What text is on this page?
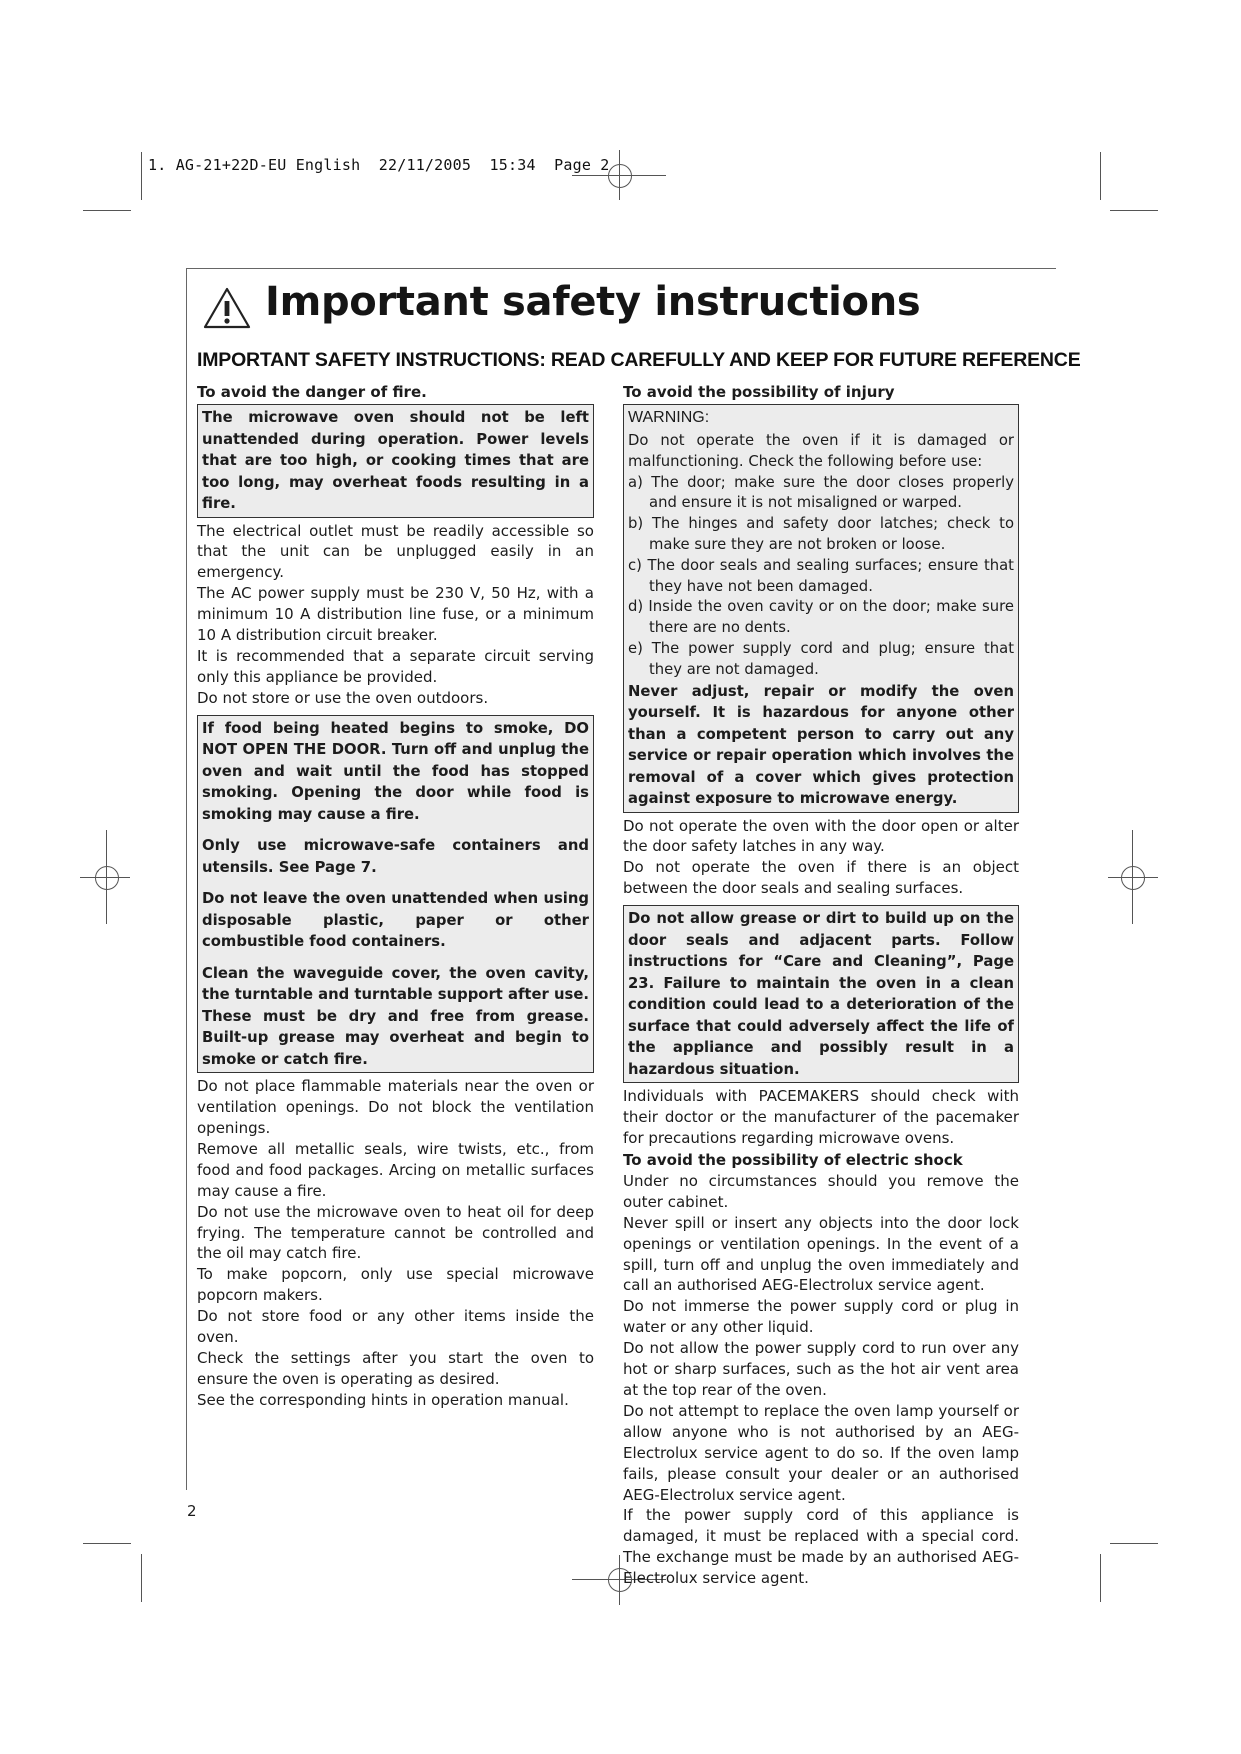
1. AG-21+22D-EU English  22/11/2005  15:34  Page 2
Important safety instructions
IMPORTANT SAFETY INSTRUCTIONS: READ CAREFULLY AND KEEP FOR FUTURE REFERENCE
To avoid the danger of fire.

The microwave oven should not be left unattended during operation. Power levels that are too high, or cooking times that are too long, may overheat foods resulting in a fire.

The electrical outlet must be readily accessible so that the unit can be unplugged easily in an emergency.

The AC power supply must be 230 V, 50 Hz, with a minimum 10 A distribution line fuse, or a minimum 10 A distribution circuit breaker.

It is recommended that a separate circuit serving only this appliance be provided.

Do not store or use the oven outdoors.

If food being heated begins to smoke, DO NOT OPEN THE DOOR. Turn off and unplug the oven and wait until the food has stopped smoking. Opening the door while food is smoking may cause a fire.

Only use microwave-safe containers and utensils. See Page 7.

Do not leave the oven unattended when using disposable plastic, paper or other combustible food containers.

Clean the waveguide cover, the oven cavity, the turntable and turntable support after use. These must be dry and free from grease. Built-up grease may overheat and begin to smoke or catch fire.

Do not place flammable materials near the oven or ventilation openings. Do not block the ventilation openings.

Remove all metallic seals, wire twists, etc., from food and food packages. Arcing on metallic surfaces may cause a fire.

Do not use the microwave oven to heat oil for deep frying. The temperature cannot be controlled and the oil may catch fire.

To make popcorn, only use special microwave popcorn makers.

Do not store food or any other items inside the oven.

Check the settings after you start the oven to ensure the oven is operating as desired.

See the corresponding hints in operation manual.

To avoid the possibility of injury

WARNING:

Do not operate the oven if it is damaged or malfunctioning. Check the following before use:

a) The door; make sure the door closes properly and ensure it is not misaligned or warped.
b) The hinges and safety door latches; check to make sure they are not broken or loose.
c) The door seals and sealing surfaces; ensure that they have not been damaged.
d) Inside the oven cavity or on the door; make sure there are no dents.
e) The power supply cord and plug; ensure that they are not damaged.

Never adjust, repair or modify the oven yourself. It is hazardous for anyone other than a competent person to carry out any service or repair operation which involves the removal of a cover which gives protection against exposure to microwave energy.

Do not operate the oven with the door open or alter the door safety latches in any way.

Do not operate the oven if there is an object between the door seals and sealing surfaces.

Do not allow grease or dirt to build up on the door seals and adjacent parts. Follow instructions for “Care and Cleaning”, Page 23. Failure to maintain the oven in a clean condition could lead to a deterioration of the surface that could adversely affect the life of the appliance and possibly result in a hazardous situation.

Individuals with PACEMAKERS should check with their doctor or the manufacturer of the pacemaker for precautions regarding microwave ovens.

To avoid the possibility of electric shock

Under no circumstances should you remove the outer cabinet.

Never spill or insert any objects into the door lock openings or ventilation openings. In the event of a spill, turn off and unplug the oven immediately and call an authorised AEG-Electrolux service agent.

Do not immerse the power supply cord or plug in water or any other liquid.

Do not allow the power supply cord to run over any hot or sharp surfaces, such as the hot air vent area at the top rear of the oven.

Do not attempt to replace the oven lamp yourself or allow anyone who is not authorised by an AEG-Electrolux service agent to do so. If the oven lamp fails, please consult your dealer or an authorised AEG-Electrolux service agent.

If the power supply cord of this appliance is damaged, it must be replaced with a special cord. The exchange must be made by an authorised AEG-Electrolux service agent.

2
